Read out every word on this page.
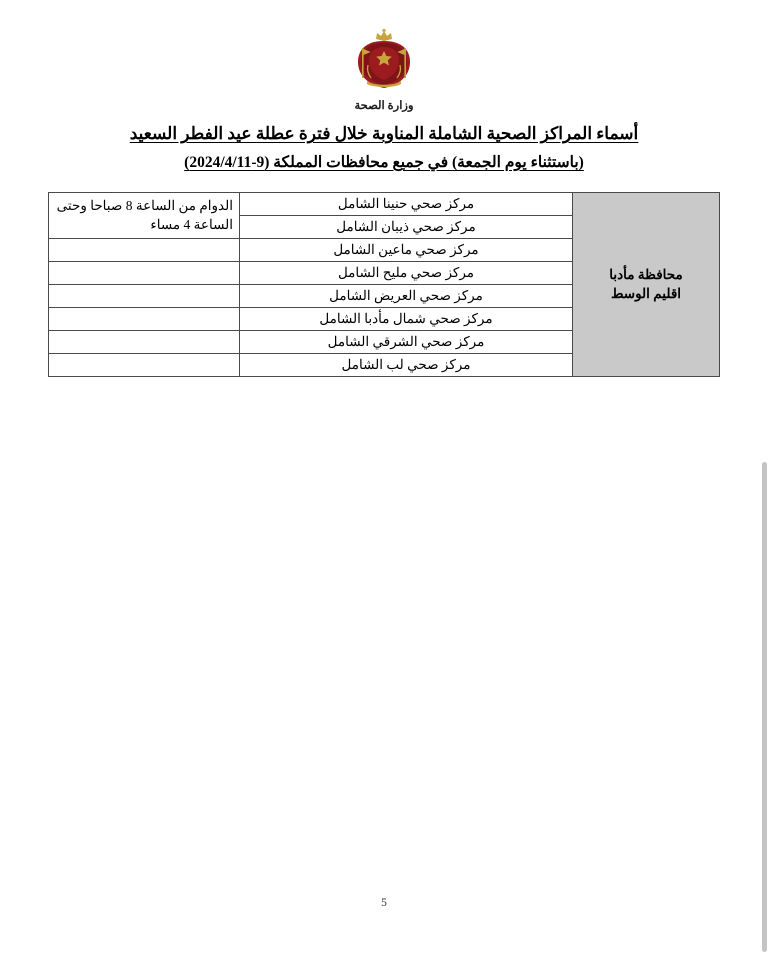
وزارة الصحة
أسماء المراكز الصحية الشاملة المناوبة خلال فترة عطلة عيد الفطر السعيد
(باستثناء يوم الجمعة) في جميع محافظات المملكة (9-2024/4/11)
محافظة مأدبا
اقليم الوسط	مركز صحي حنينا الشامل	الدوام من الساعة 8 صباحا وحتى الساعة 4 مساء
	مركز صحي ذيبان الشامل	
	مركز صحي ماعين الشامل	
	مركز صحي مليح الشامل	
	مركز صحي العريض الشامل	
	مركز صحي شمال مأدبا الشامل	
	مركز صحي الشرقي الشامل	
	مركز صحي لب الشامل	
5
